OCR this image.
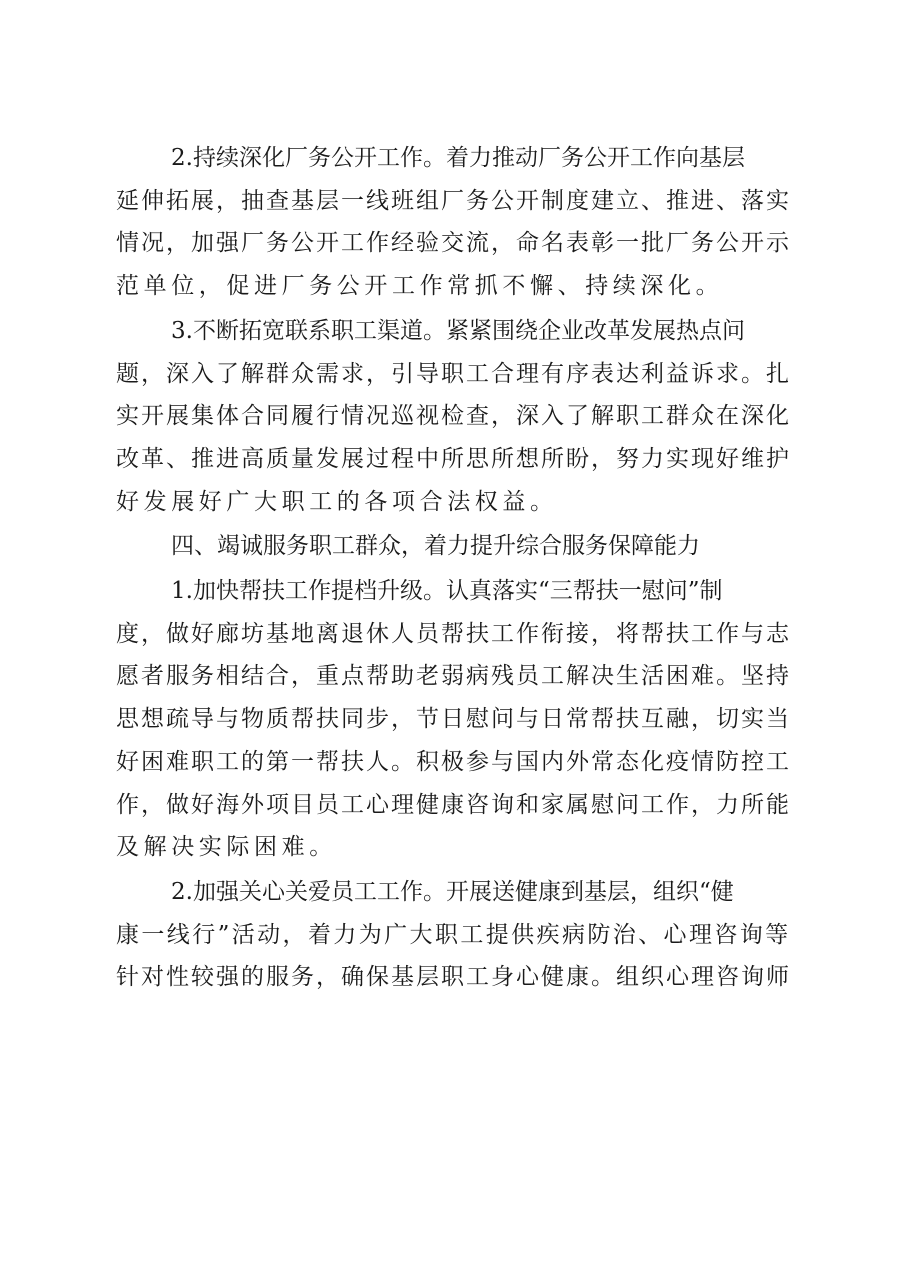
2.持续深化厂务公开工作。着力推动厂务公开工作向基层
延伸拓展，抽查基层一线班组厂务公开制度建立、推进、落实
情况，加强厂务公开工作经验交流，命名表彰一批厂务公开示
范单位，促进厂务公开工作常抓不懈、持续深化。

3.不断拓宽联系职工渠道。紧紧围绕企业改革发展热点问
题，深入了解群众需求，引导职工合理有序表达利益诉求。扎
实开展集体合同履行情况巡视检查，深入了解职工群众在深化
改革、推进高质量发展过程中所思所想所盼，努力实现好维护
好发展好广大职工的各项合法权益。

四、竭诚服务职工群众，着力提升综合服务保障能力

1.加快帮扶工作提档升级。认真落实“三帮扶一慰问”制
度，做好廊坊基地离退休人员帮扶工作衔接，将帮扶工作与志
愿者服务相结合，重点帮助老弱病残员工解决生活困难。坚持
思想疏导与物质帮扶同步，节日慰问与日常帮扶互融，切实当
好困难职工的第一帮扶人。积极参与国内外常态化疫情防控工
作，做好海外项目员工心理健康咨询和家属慰问工作，力所能
及解决实际困难。

2.加强关心关爱员工工作。开展送健康到基层，组织“健
康一线行”活动，着力为广大职工提供疾病防治、心理咨询等
针对性较强的服务，确保基层职工身心健康。组织心理咨询师
